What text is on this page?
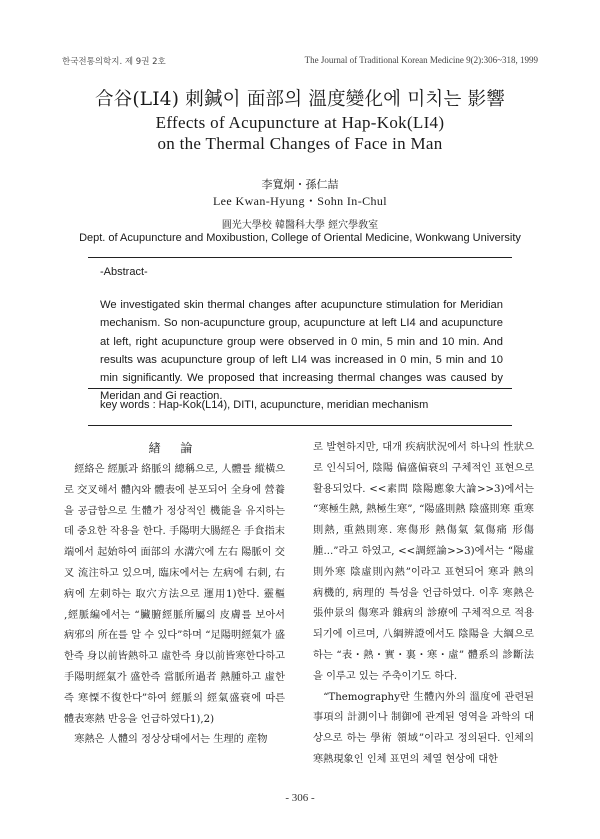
한국전통의학지. 제 9권 2호	The Journal of Traditional Korean Medicine 9(2):306~318, 1999

合谷(LI4) 刺鍼이 面部의 溫度變化에 미치는 影響

Effects of Acupuncture at Hap-Kok(LI4)

on the Thermal Changes of Face in Man

李寬炯・孫仁喆
Lee Kwan-Hyung・Sohn In-Chul
圓光大學校 韓醫科大學 經穴學敎室
Dept. of Acupuncture and Moxibustion, College of Oriental Medicine, Wonkwang University
-Abstract-

We investigated skin thermal changes after acupuncture stimulation for Meridian mechanism. So non-acupuncture group, acupuncture at left LI4 and acupuncture at left, right acupuncture group were observed in 0 min, 5 min and 10 min. And results was acupuncture group of left LI4 was increased in 0 min, 5 min and 10 min significantly. We proposed that increasing thermal changes was caused by Meridan and Gi reaction.

key words : Hap-Kok(L14), DITI, acupuncture, meridian mechanism

緖 論

經絡은 經脈과 絡脈의 總稱으로, 人體를 縱橫으로 交叉해서 體內와 體表에 분포되어 全身에 營養을 공급함으로 生體가 정상적인 機能을 유지하는데 중요한 작용을 한다. 手陽明大腸經은 手食指末端에서 起始하여 面部의 水溝穴에 左右 陽脈이 交叉 流注하고 있으며, 臨床에서는 左病에 右刺, 右病에 左刺하는 取穴方法으로 運用1)한다. 靈樞‚經脈編에서는 “臟腑經脈所屬의 皮膚를 보아서 病邪의 所在를 알 수 있다”하며 “足陽明經氣가 盛한즉 身以前皆熱하고 虛한즉 身以前皆寒한다하고 手陽明經氣가 盛한즉 當脈所過者 熱腫하고 虛한즉 寒慄不復한다”하여 經脈의 經氣盛衰에 따른 體表寒熱 반응을 언급하였다1),2)

寒熱은 人體의 정상상태에서는 生理的 産物

로 발현하지만, 대개 疾病狀況에서 하나의 性狀으로 인식되어, 陰陽 偏盛偏衰의 구체적인 표현으로 활용되었다. <<素問 陰陽應象大論>>3)에서는 “寒極生熱, 熱極生寒”, “陽盛則熱 陰盛則寒 重寒則熱, 重熱則寒. 寒傷形 熱傷氣 氣傷痛 形傷腫...”라고 하였고, <<調經論>>3)에서는 “陽虛則外寒 陰虛則內熱”이라고 표현되어 寒과 熱의 病機的, 病理的 특성을 언급하였다. 이후 寒熱은 張仲景의 傷寒과 雜病의 診療에 구체적으로 적용되기에 이르며, 八綱辨證에서도 陰陽을 大綱으로 하는 “表・熱・實・裏・寒・虛” 體系의 診斷法을 이루고 있는 주축이기도 하다.

“Themography란 生體內外의 溫度에 관련된 事項의 計測이나 制御에 관계된 영역을 과학의 대상으로 하는 學術 領域”이라고 정의된다. 인체의 寒熱現象인 인체 표면의 체열 현상에 대한

- 306 -
